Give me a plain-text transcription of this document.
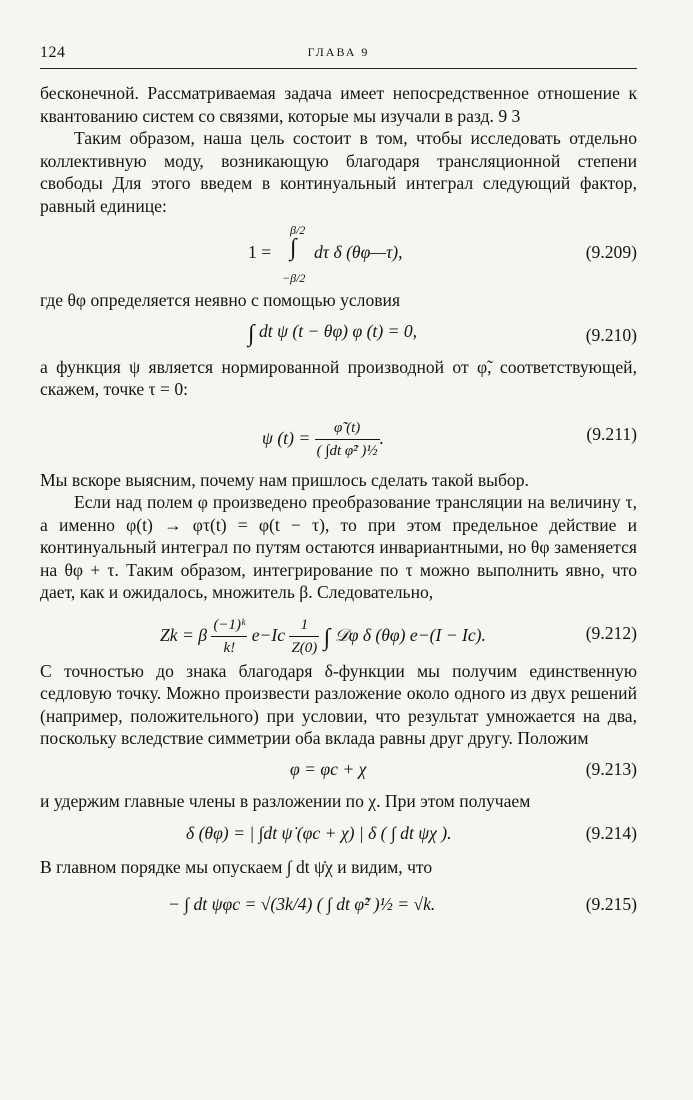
124	ГЛАВА 9

бесконечной. Рассматриваемая задача имеет непосредственное отношение к квантованию систем со связями, которые мы изучали в разд. 9 3

Таким образом, наша цель состоит в том, чтобы исследовать отдельно коллективную моду, возникающую благодаря трансляционной степени свободы Для этого введем в континуальный интеграл следующий фактор, равный единице:

β/2
1 = ∫ dτ δ (θφ—τ),
−β/2
(9.209)

где θφ определяется неявно с помощью условия

∫ dt ψ (t − θφ) φ (t) = 0,	(9.210)

а функция ψ является нормированной производной от φ̃, соответствующей, скажем, точке τ = 0:

ψ $(t) = \frac{\varphĩ̇ (t)}{\text{( ∫dt φ̃̇² )½}}$ .	(9.211)

Мы вскоре выясним, почему нам пришлось сделать такой выбор.

Если над полем φ произведено преобразование трансляции на величину τ, а именно φ(t) → φτ(t) = φ(t − τ), то при этом предельное действие и континуальный интеграл по путям остаются инвариантными, но θφ заменяется на θφ + τ. Таким образом, интегрирование по τ можно выполнить явно, что дает, как и ожидалось, множитель β. Следовательно,

Zk = β $\frac{\text{(−1)ᵏ}}{k!} e-Ic \frac{1}{Z(0)}$ ∫ 𝒟φ δ (θφ) e−(I − Ic).	(9.212)

С точностью до знака благодаря δ-функции мы получим единственную седловую точку. Можно произвести разложение около одного из двух решений (например, положительного) при условии, что результат умножается на два, поскольку вследствие симметрии оба вклада равны друг другу. Положим

φ = φc + χ	(9.213)

и удержим главные члены в разложении по χ. При этом получаем

δ (θφ) = | ∫dt ψ̇ (φc + χ) | δ ( ∫ dt ψχ ).	(9.214)

В главном порядке мы опускаем ∫ dt ψ̇χ и видим, что

− ∫ dt ψφc = √(3k/4) ( ∫ dt φ̃̇² )½ = √k.	(9.215)
